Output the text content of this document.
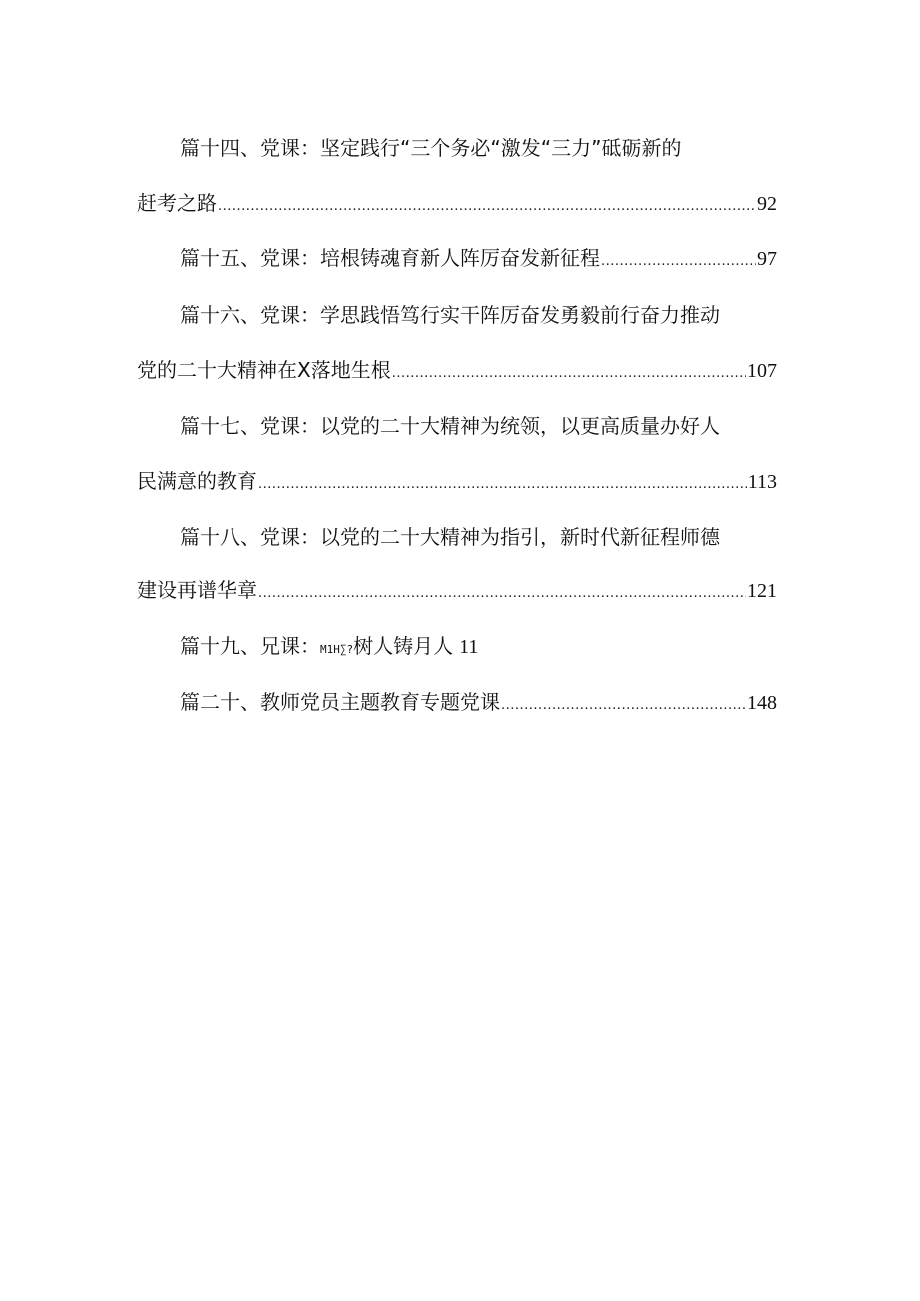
篇十四、党课：坚定践行“三个务必“激发“三力”砥砺新的
赶考之路 .....	92
篇十五、党课：培根铸魂育新人阵厉奋发新征程 .....	97
篇十六、党课：学思践悟笃行实干阵厉奋发勇毅前行奋力推动
党的二十大精神在X落地生根 .....	107
篇十七、党课：以党的二十大精神为统领，以更高质量办好人
民满意的教育 .....	113
篇十八、党课：以党的二十大精神为指引，新时代新征程师德
建设再谱华章 .....	121
篇十九、兄课： M1H∑? 树人铸月人 11
篇二十、教师党员主题教育专题党课 .....	148
